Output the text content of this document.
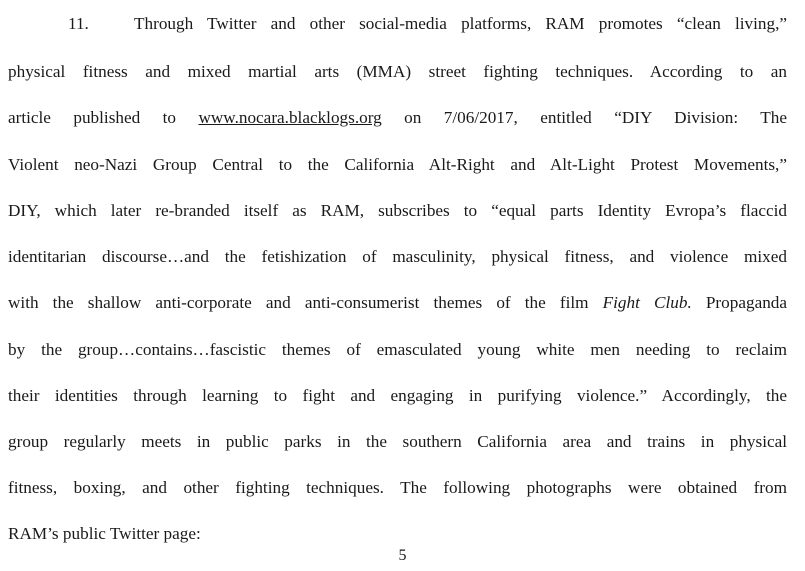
11.	Through Twitter and other social-media platforms, RAM promotes “clean living,”
physical fitness and mixed martial arts (MMA) street fighting techniques. According to an
article published to www.nocara.blacklogs.org on 7/06/2017, entitled “DIY Division: The
Violent neo-Nazi Group Central to the California Alt-Right and Alt-Light Protest Movements,”
DIY, which later re-branded itself as RAM, subscribes to “equal parts Identity Evropa’s flaccid
identitarian discourse…and the fetishization of masculinity, physical fitness, and violence mixed
with the shallow anti-corporate and anti-consumerist themes of the film Fight Club. Propaganda
by the group…contains…fascistic themes of emasculated young white men needing to reclaim
their identities through learning to fight and engaging in purifying violence.” Accordingly, the
group regularly meets in public parks in the southern California area and trains in physical
fitness, boxing, and other fighting techniques. The following photographs were obtained from
RAM’s public Twitter page:
5
